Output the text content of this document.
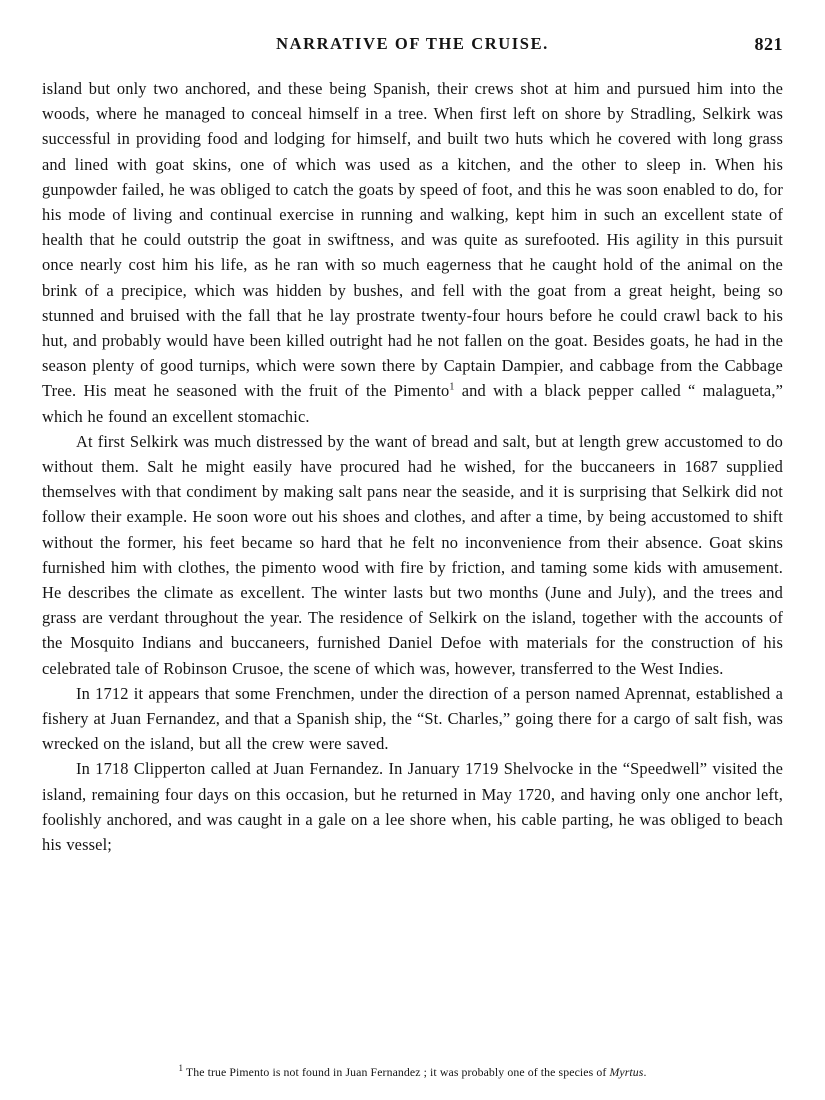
NARRATIVE OF THE CRUISE.	821

island but only two anchored, and these being Spanish, their crews shot at him and pursued him into the woods, where he managed to conceal himself in a tree. When first left on shore by Stradling, Selkirk was successful in providing food and lodging for himself, and built two huts which he covered with long grass and lined with goat skins, one of which was used as a kitchen, and the other to sleep in. When his gunpowder failed, he was obliged to catch the goats by speed of foot, and this he was soon enabled to do, for his mode of living and continual exercise in running and walking, kept him in such an excellent state of health that he could outstrip the goat in swiftness, and was quite as surefooted. His agility in this pursuit once nearly cost him his life, as he ran with so much eagerness that he caught hold of the animal on the brink of a precipice, which was hidden by bushes, and fell with the goat from a great height, being so stunned and bruised with the fall that he lay prostrate twenty-four hours before he could crawl back to his hut, and probably would have been killed outright had he not fallen on the goat. Besides goats, he had in the season plenty of good turnips, which were sown there by Captain Dampier, and cabbage from the Cabbage Tree. His meat he seasoned with the fruit of the Pimento$^1$ and with a black pepper called “ malagueta,” which he found an excellent stomachic.

At first Selkirk was much distressed by the want of bread and salt, but at length grew accustomed to do without them. Salt he might easily have procured had he wished, for the buccaneers in 1687 supplied themselves with that condiment by making salt pans near the seaside, and it is surprising that Selkirk did not follow their example. He soon wore out his shoes and clothes, and after a time, by being accustomed to shift without the former, his feet became so hard that he felt no inconvenience from their absence. Goat skins furnished him with clothes, the pimento wood with fire by friction, and taming some kids with amusement. He describes the climate as excellent. The winter lasts but two months (June and July), and the trees and grass are verdant throughout the year. The residence of Selkirk on the island, together with the accounts of the Mosquito Indians and buccaneers, furnished Daniel Defoe with materials for the construction of his celebrated tale of Robinson Crusoe, the scene of which was, however, transferred to the West Indies.

In 1712 it appears that some Frenchmen, under the direction of a person named Aprennat, established a fishery at Juan Fernandez, and that a Spanish ship, the “St. Charles,” going there for a cargo of salt fish, was wrecked on the island, but all the crew were saved.

In 1718 Clipperton called at Juan Fernandez. In January 1719 Shelvocke in the “Speedwell” visited the island, remaining four days on this occasion, but he returned in May 1720, and having only one anchor left, foolishly anchored, and was caught in a gale on a lee shore when, his cable parting, he was obliged to beach his vessel;

$^1$ The true Pimento is not found in Juan Fernandez ; it was probably one of the species of Myrtus.
